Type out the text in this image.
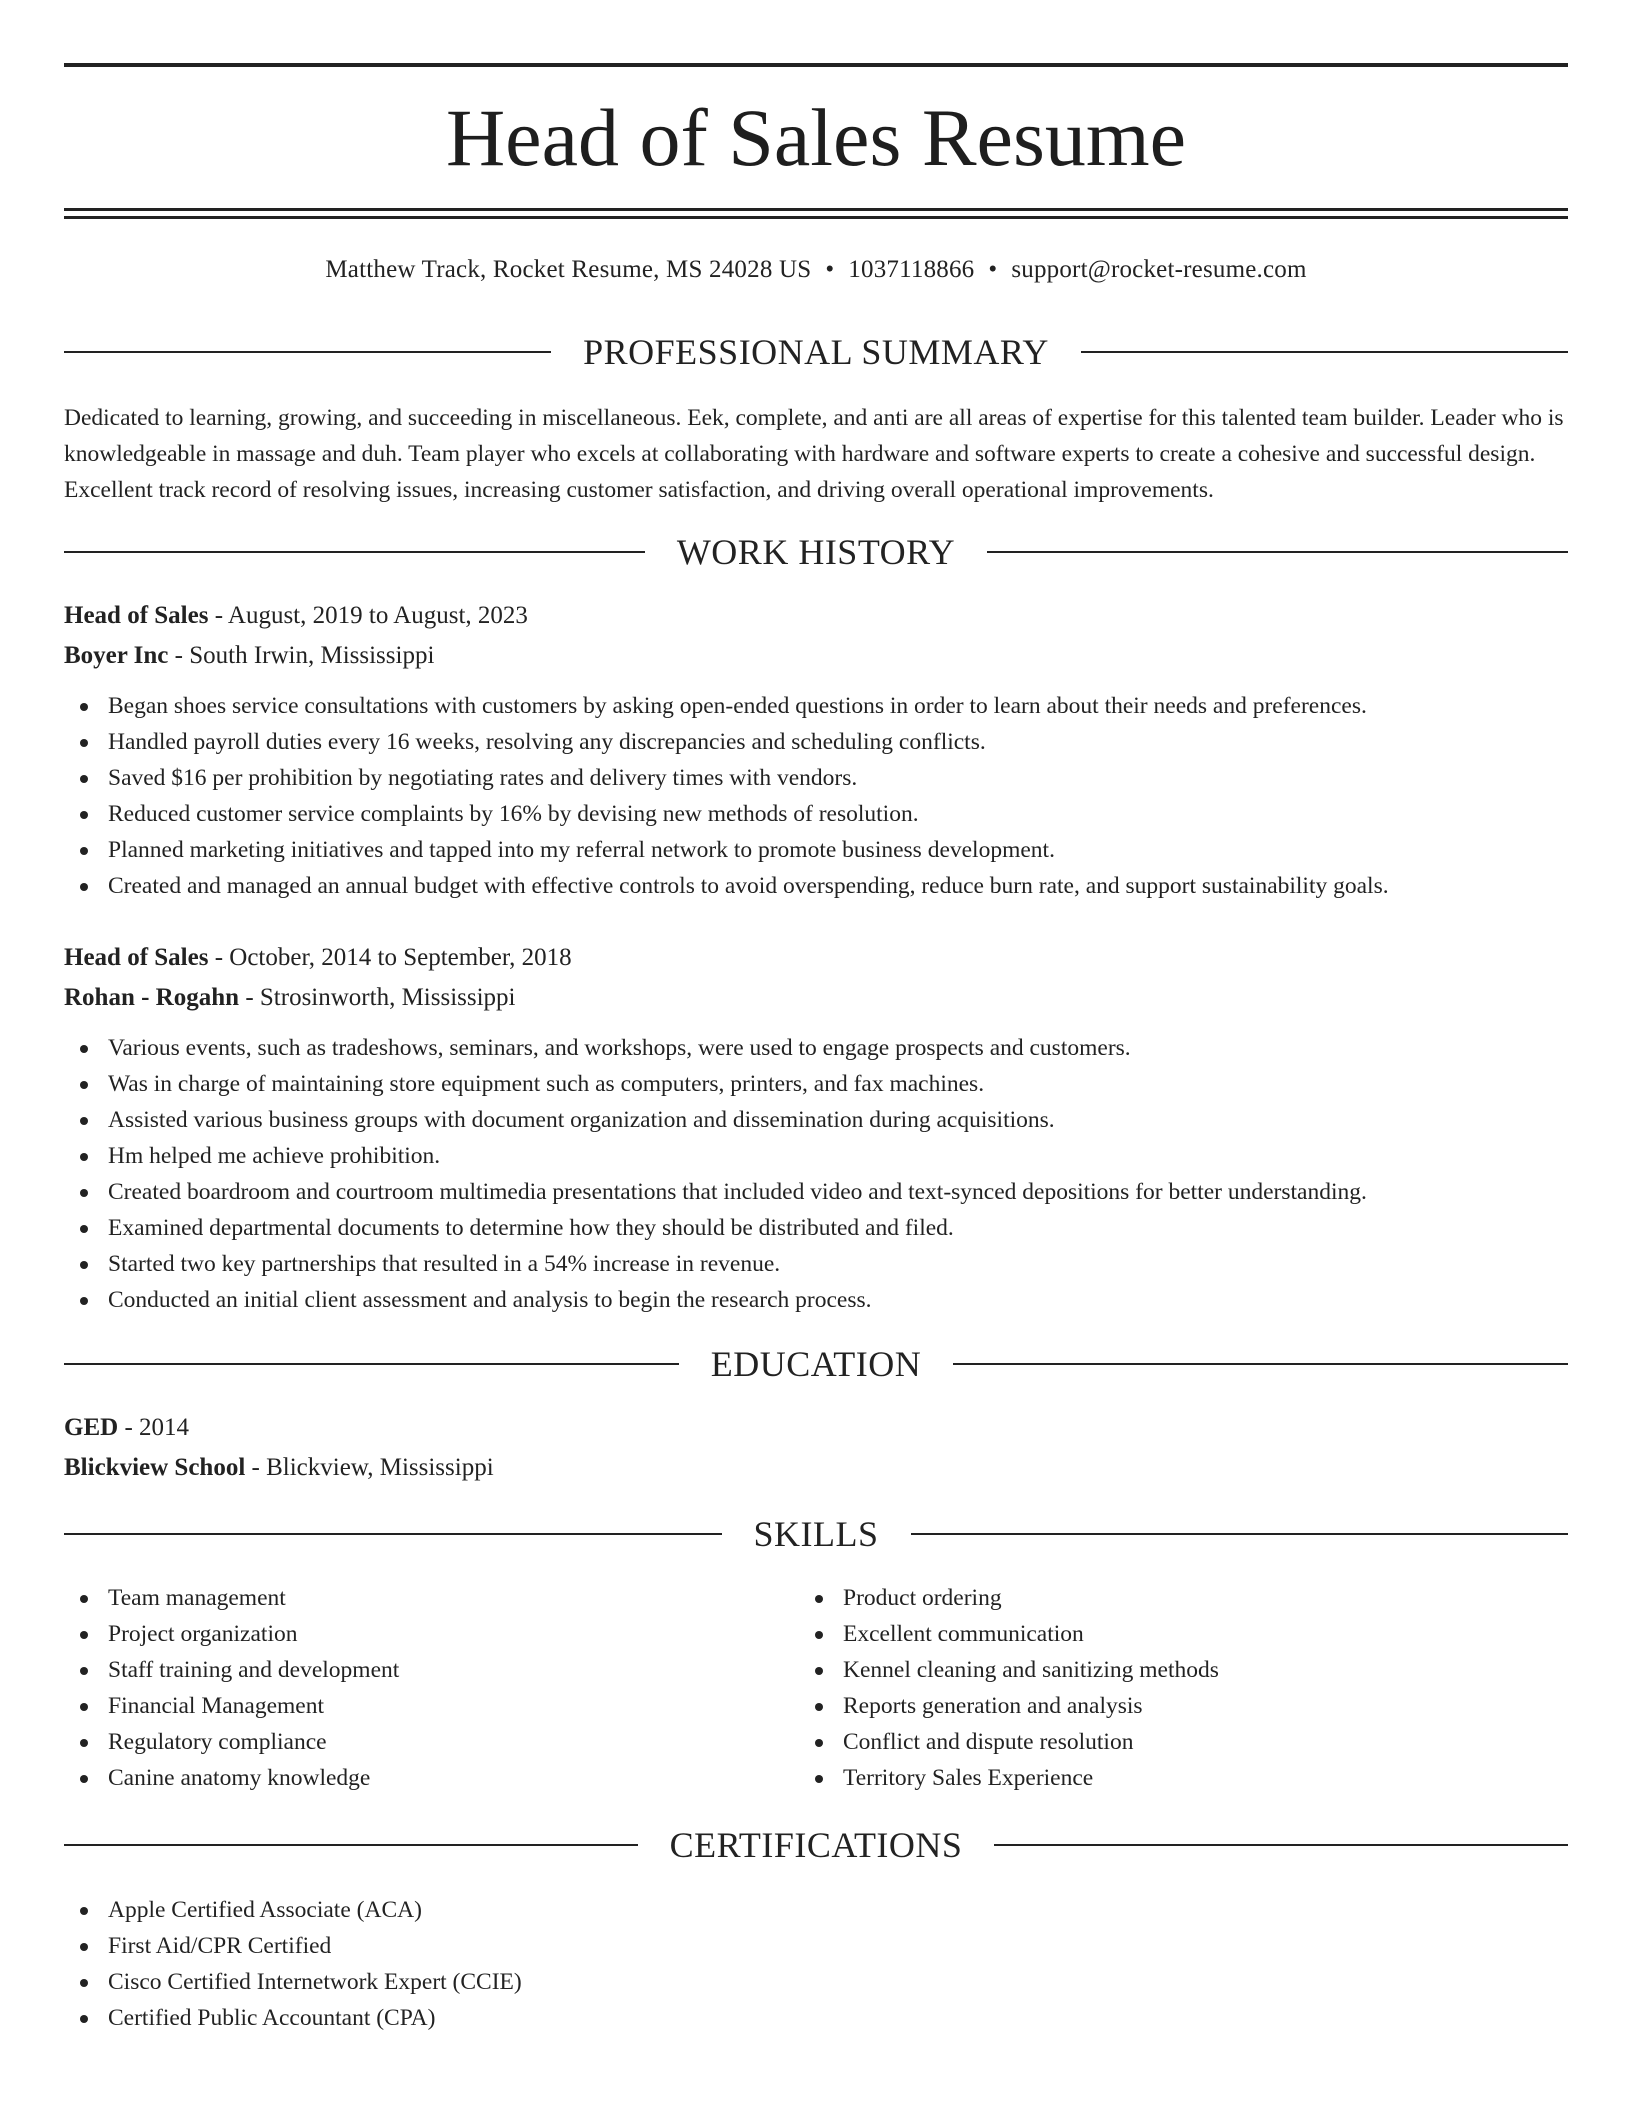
Head of Sales Resume
Matthew Track, Rocket Resume, MS 24028 US • 1037118866 • support@rocket-resume.com
PROFESSIONAL SUMMARY

Dedicated to learning, growing, and succeeding in miscellaneous. Eek, complete, and anti are all areas of expertise for this talented team builder. Leader who is knowledgeable in massage and duh. Team player who excels at collaborating with hardware and software experts to create a cohesive and successful design. Excellent track record of resolving issues, increasing customer satisfaction, and driving overall operational improvements.

WORK HISTORY
Head of Sales - August, 2019 to August, 2023
Boyer Inc - South Irwin, Mississippi
Began shoes service consultations with customers by asking open-ended questions in order to learn about their needs and preferences.
Handled payroll duties every 16 weeks, resolving any discrepancies and scheduling conflicts.
Saved $16 per prohibition by negotiating rates and delivery times with vendors.
Reduced customer service complaints by 16% by devising new methods of resolution.
Planned marketing initiatives and tapped into my referral network to promote business development.
Created and managed an annual budget with effective controls to avoid overspending, reduce burn rate, and support sustainability goals.
Head of Sales - October, 2014 to September, 2018
Rohan - Rogahn - Strosinworth, Mississippi
Various events, such as tradeshows, seminars, and workshops, were used to engage prospects and customers.
Was in charge of maintaining store equipment such as computers, printers, and fax machines.
Assisted various business groups with document organization and dissemination during acquisitions.
Hm helped me achieve prohibition.
Created boardroom and courtroom multimedia presentations that included video and text-synced depositions for better understanding.
Examined departmental documents to determine how they should be distributed and filed.
Started two key partnerships that resulted in a 54% increase in revenue.
Conducted an initial client assessment and analysis to begin the research process.
EDUCATION
GED - 2014
Blickview School - Blickview, Mississippi
SKILLS
Team management
Project organization
Staff training and development
Financial Management
Regulatory compliance
Canine anatomy knowledge
Product ordering
Excellent communication
Kennel cleaning and sanitizing methods
Reports generation and analysis
Conflict and dispute resolution
Territory Sales Experience
CERTIFICATIONS
Apple Certified Associate (ACA)
First Aid/CPR Certified
Cisco Certified Internetwork Expert (CCIE)
Certified Public Accountant (CPA)
